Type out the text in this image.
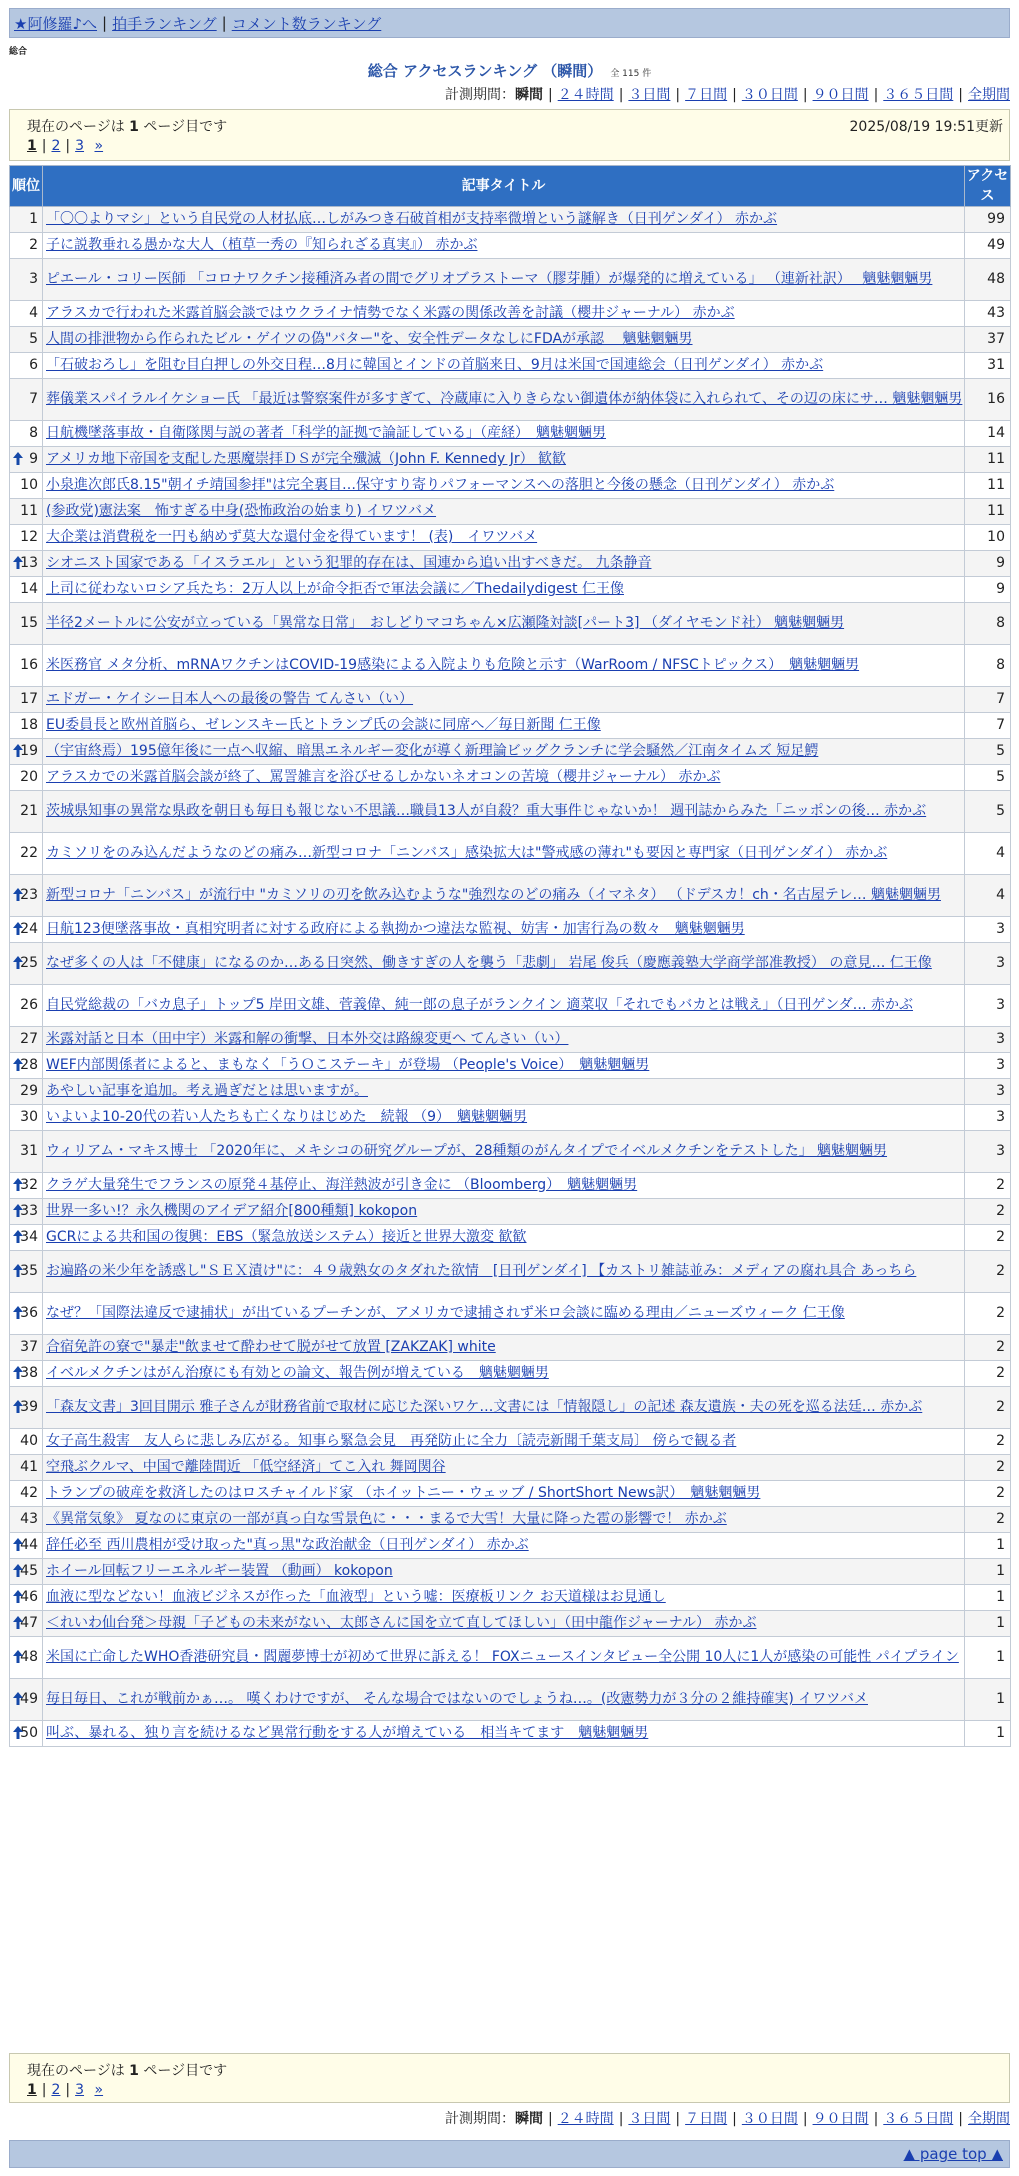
★阿修羅♪へ | 拍手ランキング | コメント数ランキング
総合
総合 アクセスランキング （瞬間） 全 115 件
計測期間：瞬間 | ２４時間 | ３日間 | ７日間 | ３０日間 | ９０日間 | ３６５日間 | 全期間
現在のページは 1 ページ目です	2025/08/19 19:51更新
1 | 2 | 3 »
順位	記事タイトル	アクセス
1	「〇〇よりマシ」という自民党の人材払底…しがみつき石破首相が支持率微増という謎解き（日刊ゲンダイ） 赤かぶ	99
2	子に説教垂れる愚かな大人（植草一秀の『知られざる真実』） 赤かぶ	49
3	ピエール・コリー医師 「コロナワクチン接種済み者の間でグリオブラストーマ（膠芽腫）が爆発的に増えている」 （連新社訳）　 魑魅魍魎男	48
4	アラスカで行われた米露首脳会談ではウクライナ情勢でなく米露の関係改善を討議（櫻井ジャーナル） 赤かぶ	43
5	人間の排泄物から作られたビル・ゲイツの偽"バター"を、安全性データなしにFDAが承認　 魑魅魍魎男	37
6	「石破おろし」を阻む目白押しの外交日程…8月に韓国とインドの首脳来日、9月は米国で国連総会（日刊ゲンダイ） 赤かぶ	31
7	葬儀業スパイラルイケショー氏 「最近は警察案件が多すぎて、冷蔵庫に入りきらない御遺体が納体袋に入れられて、その辺の床にサ… 魑魅魍魎男	16
8	日航機墜落事故・自衛隊関与説の著者「科学的証拠で論証している」（産経）　魑魅魍魎男	14

9	アメリカ地下帝国を支配した悪魔崇拝ＤＳが完全殲滅（John F. Kennedy Jr） 歓歓	11
10	小泉進次郎氏8.15"朝イチ靖国参拝"は完全裏目…保守すり寄りパフォーマンスへの落胆と今後の懸念（日刊ゲンダイ） 赤かぶ	11
11	(参政党)憲法案　怖すぎる中身(恐怖政治の始まり) イワツバメ	11
12	大企業は消費税を一円も納めず莫大な還付金を得ています！ (表)　イワツバメ	10

13	シオニスト国家である「イスラエル」という犯罪的存在は、国連から追い出すべきだ。 九条静音	9
14	上司に従わないロシア兵たち：2万人以上が命令拒否で軍法会議に／Thedailydigest 仁王像	9
15	半径2メートルに公安が立っている「異常な日常」　おしどりマコちゃん×広瀬隆対談[パート3] （ダイヤモンド社） 魑魅魍魎男	8
16	米医務官 メタ分析、mRNAワクチンはCOVID-19感染による入院よりも危険と示す（WarRoom / NFSCトピックス）　魑魅魍魎男	8
17	エドガー・ケイシー日本人への最後の警告 てんさい（い）	7
18	EU委員長と欧州首脳ら、ゼレンスキー氏とトランプ氏の会談に同席へ／毎日新聞 仁王像	7

19	（宇宙終焉）195億年後に一点へ収縮、暗黒エネルギー変化が導く新理論ビッグクランチに学会騒然／江南タイムズ 短足鰐	5
20	アラスカでの米露首脳会談が終了、罵詈雑言を浴びせるしかないネオコンの苦境（櫻井ジャーナル） 赤かぶ	5
21	茨城県知事の異常な県政を朝日も毎日も報じない不思議…職員13人が自殺？重大事件じゃないか！ 週刊誌からみた「ニッポンの後… 赤かぶ	5
22	カミソリをのみ込んだようなのどの痛み…新型コロナ「ニンバス」感染拡大は"警戒感の薄れ"も要因と専門家（日刊ゲンダイ） 赤かぶ	4

23	新型コロナ「ニンバス」が流行中 "カミソリの刃を飲み込むような"強烈なのどの痛み（イマネタ） （ドデスカ！ch・名古屋テレ… 魑魅魍魎男	4

24	日航123便墜落事故・真相究明者に対する政府による執拗かつ違法な監視、妨害・加害行為の数々　魑魅魍魎男	3

25	なぜ多くの人は「不健康」になるのか…ある日突然、働きすぎの人を襲う「悲劇」 岩尾 俊兵（慶應義塾大学商学部准教授） の意見… 仁王像	3
26	自民党総裁の「バカ息子」トップ5 岸田文雄、菅義偉、純一郎の息子がランクイン 適菜収「それでもバカとは戦え」（日刊ゲンダ… 赤かぶ	3
27	米露対話と日本（田中宇）米露和解の衝撃、日本外交は路線変更へ てんさい（い）	3

28	WEF内部関係者によると、まもなく「うＯこステーキ」が登場 （People's Voice）　魑魅魍魎男	3
29	あやしい記事を追加。考え過ぎだとは思いますが。	3
30	いよいよ10-20代の若い人たちも亡くなりはじめた　続報 （9）　魑魅魍魎男	3
31	ウィリアム・マキス博士 「2020年に、メキシコの研究グループが、28種類のがんタイプでイベルメクチンをテストした」 魑魅魍魎男	3

32	クラゲ大量発生でフランスの原発４基停止、海洋熱波が引き金に （Bloomberg）　魑魅魍魎男	2

33	世界一多い!？永久機関のアイデア紹介[800種類] kokopon	2

34	GCRによる共和国の復興：EBS（緊急放送システム）接近と世界大激変 歓歓	2

35	お遍路の米少年を誘惑し"ＳＥＸ漬け"に：４９歳熟女のタダれた欲情　[日刊ゲンダイ] 【カストリ雑誌並み：メディアの腐れ具合 あっちら	2

36	なぜ？「国際法違反で逮捕状」が出ているプーチンが、アメリカで逮捕されず米ロ会談に臨める理由／ニューズウィーク 仁王像	2
37	合宿免許の寮で"暴走"飲ませて酔わせて脱がせて放置 [ZAKZAK] white	2

38	イベルメクチンはがん治療にも有効との論文、報告例が増えている　魑魅魍魎男	2

39	「森友文書」3回目開示 雅子さんが財務省前で取材に応じた深いワケ…文書には「情報隠し」の記述 森友遺族・夫の死を巡る法廷… 赤かぶ	2
40	女子高生殺害　友人らに悲しみ広がる。知事ら緊急会見　再発防止に全力〔読売新聞千葉支局〕 傍らで観る者	2
41	空飛ぶクルマ、中国で離陸間近 「低空経済」てこ入れ 舞岡関谷	2
42	トランプの破産を救済したのはロスチャイルド家 （ホイットニー・ウェッブ / ShortShort News訳）　魑魅魍魎男	2
43	《異常気象》 夏なのに東京の一部が真っ白な雪景色に・・・まるで大雪！大量に降った雹の影響で！ 赤かぶ	2

44	辞任必至 西川農相が受け取った"真っ黒"な政治献金（日刊ゲンダイ） 赤かぶ	1

45	ホイール回転フリーエネルギー装置 （動画） kokopon	1

46	血液に型などない！血液ビジネスが作った「血液型」という嘘：医療板リンク お天道様はお見通し	1

47	＜れいわ仙台発＞母親「子どもの未来がない、太郎さんに国を立て直してほしい」（田中龍作ジャーナル） 赤かぶ	1

48	米国に亡命したWHO香港研究員・閻麗夢博士が初めて世界に訴える！ FOXニュースインタビュー全公開 10人に1人が感染の可能性 パイプライン	1

49	毎日毎日、これが戦前かぁ…。 嘆くわけですが、 そんな場合ではないのでしょうね…。(改憲勢力が３分の２維持確実) イワツバメ	1

50	叫ぶ、暴れる、独り言を続けるなど異常行動をする人が増えている　相当キてます　魑魅魍魎男	1
現在のページは 1 ページ目です
1 | 2 | 3 »
計測期間：瞬間 | ２４時間 | ３日間 | ７日間 | ３０日間 | ９０日間 | ３６５日間 | 全期間
▲ page top ▲
